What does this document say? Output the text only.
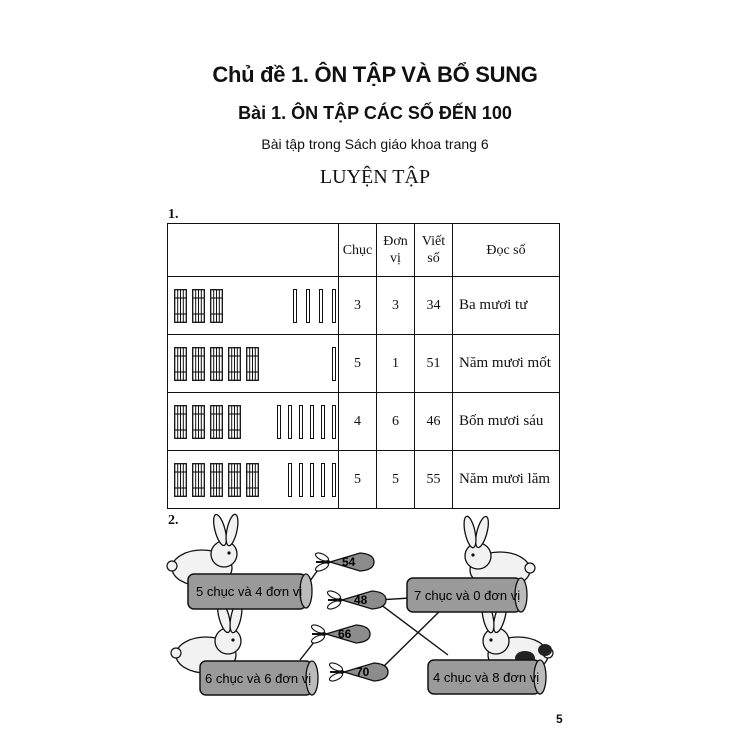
Chủ đề 1. ÔN TẬP VÀ BỔ SUNG
Bài 1. ÔN TẬP CÁC SỐ ĐẾN 100
Bài tập trong Sách giáo khoa trang 6
LUYỆN TẬP
1.
	Chục	Đơn vị	Viết số	Đọc số

	3	3	34	Ba mươi tư

	5	1	51	Năm mươi mốt

	4	6	46	Bốn mươi sáu

	5	5	55	Năm mươi lăm
2.
5 chục và 4 đơn vị	7 chục và 0 đơn vị
6 chục và 6 đơn vị	4 chục và 8 đơn vị
54
48
66
70
5
